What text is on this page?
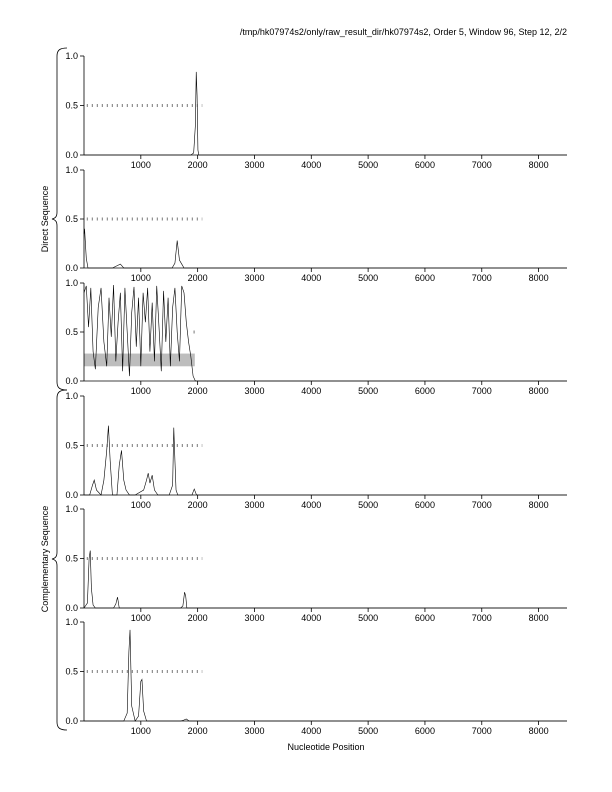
/tmp/hk07974s2/only/raw_result_dir/hk07974s2, Order 5, Window 96, Step 12, 2/2
1000	2000	3000	4000	5000	6000	7000	8000
0.0
0.5
1.0
1000	2000	3000	4000	5000	6000	7000	8000
0.0
0.5
1.0
1000	2000	3000	4000	5000	6000	7000	8000
0.0
0.5
1.0
1000	2000	3000	4000	5000	6000	7000	8000
0.0
0.5
1.0
1000	2000	3000	4000	5000	6000	7000	8000
0.0
0.5
1.0
1000	2000	3000	4000	5000	6000	7000	8000
0.0
0.5
1.0
Direct Sequence
Complementary Sequence
Nucleotide Position
